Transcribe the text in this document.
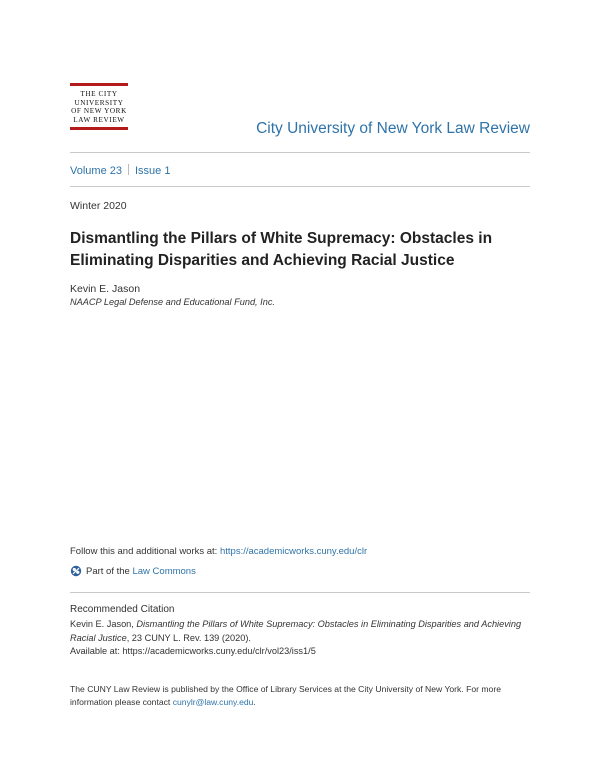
THE CITY
UNIVERSITY
OF NEW YORK
LAW REVIEW
City University of New York Law Review
Volume 23 Issue 1
Winter 2020
Dismantling the Pillars of White Supremacy: Obstacles in Eliminating Disparities and Achieving Racial Justice
Kevin E. Jason
NAACP Legal Defense and Educational Fund, Inc.
Follow this and additional works at: https://academicworks.cuny.edu/clr
Part of the
Law Commons
Recommended Citation
Kevin E. Jason, Dismantling the Pillars of White Supremacy: Obstacles in Eliminating Disparities and Achieving Racial Justice, 23 CUNY L. Rev. 139 (2020).
Available at: https://academicworks.cuny.edu/clr/vol23/iss1/5
The CUNY Law Review is published by the Office of Library Services at the City University of New York. For more information please contact cunylr@law.cuny.edu.
